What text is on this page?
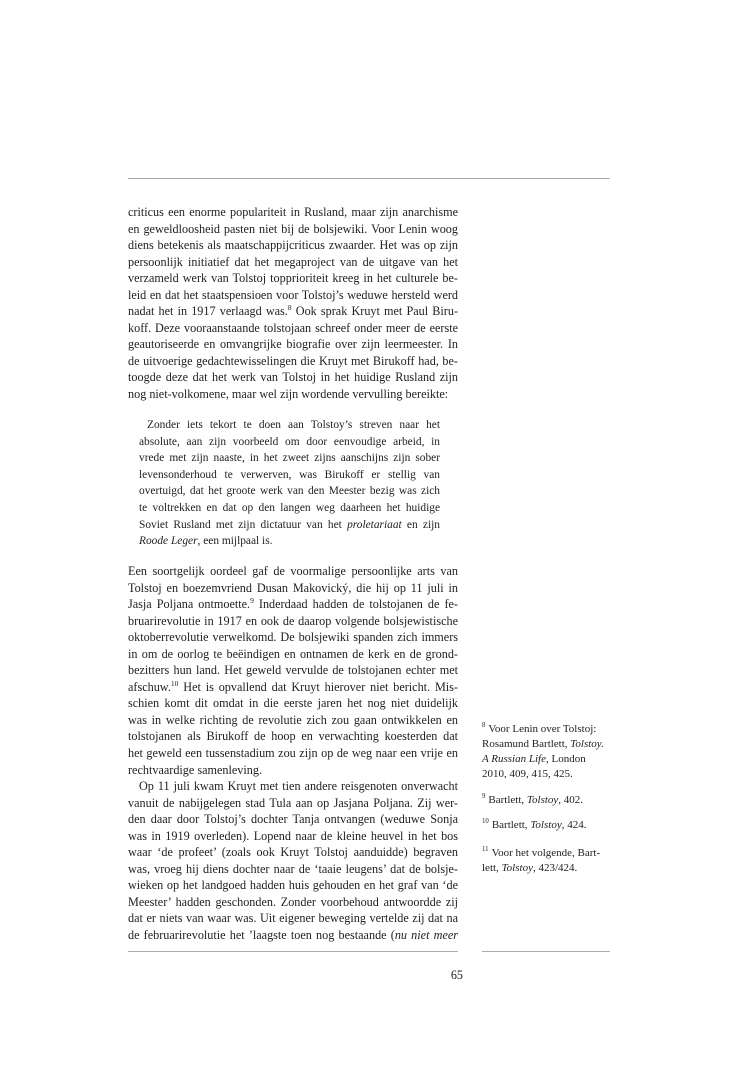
criticus een enorme populariteit in Rusland, maar zijn anarchisme
en geweldloosheid pasten niet bij de bolsjewiki. Voor Lenin woog
diens betekenis als maatschappijcriticus zwaarder. Het was op zijn
persoonlijk initiatief dat het megaproject van de uitgave van het
verzameld werk van Tolstoj topprioriteit kreeg in het culturele be-
leid en dat het staatspensioen voor Tolstoj’s weduwe hersteld werd
nadat het in 1917 verlaagd was.$^8$ Ook sprak Kruyt met Paul Biru-
koff. Deze vooraanstaande tolstojaan schreef onder meer de eerste
geautoriseerde en omvangrijke biografie over zijn leermeester. In
de uitvoerige gedachtewisselingen die Kruyt met Birukoff had, be-
toogde deze dat het werk van Tolstoj in het huidige Rusland zijn
nog niet-volkomene, maar wel zijn wordende vervulling bereikte:
Zonder iets tekort te doen aan Tolstoy’s streven naar het
absolute, aan zijn voorbeeld om door eenvoudige arbeid, in
vrede met zijn naaste, in het zweet zijns aanschijns zijn sober
levensonderhoud te verwerven, was Birukoff er stellig van
overtuigd, dat het groote werk van den Meester bezig was zich
te voltrekken en dat op den langen weg daarheen het huidige
Soviet Rusland met zijn dictatuur van het proletariaat en zijn
Roode Leger, een mijlpaal is.
Een soortgelijk oordeel gaf de voormalige persoonlijke arts van
Tolstoj en boezemvriend Dusan Makovický, die hij op 11 juli in
Jasja Poljana ontmoette.$^9$ Inderdaad hadden de tolstojanen de fe-
bruarirevolutie in 1917 en ook de daarop volgende bolsjewistische
oktoberrevolutie verwelkomd. De bolsjewiki spanden zich immers
in om de oorlog te beëindigen en ontnamen de kerk en de grond-
bezitters hun land. Het geweld vervulde de tolstojanen echter met
afschuw.$^{10}$ Het is opvallend dat Kruyt hierover niet bericht. Mis-
schien komt dit omdat in die eerste jaren het nog niet duidelijk
was in welke richting de revolutie zich zou gaan ontwikkelen en
tolstojanen als Birukoff de hoop en verwachting koesterden dat
het geweld een tussenstadium zou zijn op de weg naar een vrije en
rechtvaardige samenleving.
Op 11 juli kwam Kruyt met tien andere reisgenoten onverwacht
vanuit de nabijgelegen stad Tula aan op Jasjana Poljana. Zij wer-
den daar door Tolstoj’s dochter Tanja ontvangen (weduwe Sonja
was in 1919 overleden). Lopend naar de kleine heuvel in het bos
waar ‘de profeet’ (zoals ook Kruyt Tolstoj aanduidde) begraven
was, vroeg hij diens dochter naar de ‘taaie leugens’ dat de bolsje-
wieken op het landgoed hadden huis gehouden en het graf van ‘de
Meester’ hadden geschonden. Zonder voorbehoud antwoordde zij
dat er niets van waar was. Uit eigener beweging vertelde zij dat na
de februarirevolutie het ’laagste toen nog bestaande (nu niet meer
$^8$ Voor Lenin over Tolstoj:
Rosamund Bartlett, Tolstoy.
A Russian Life, London
2010, 409, 415, 425.
$^9$ Bartlett, Tolstoy, 402.
$^{10}$ Bartlett, Tolstoy, 424.
$^{11}$ Voor het volgende, Bart-
lett, Tolstoy, 423/424.
65
